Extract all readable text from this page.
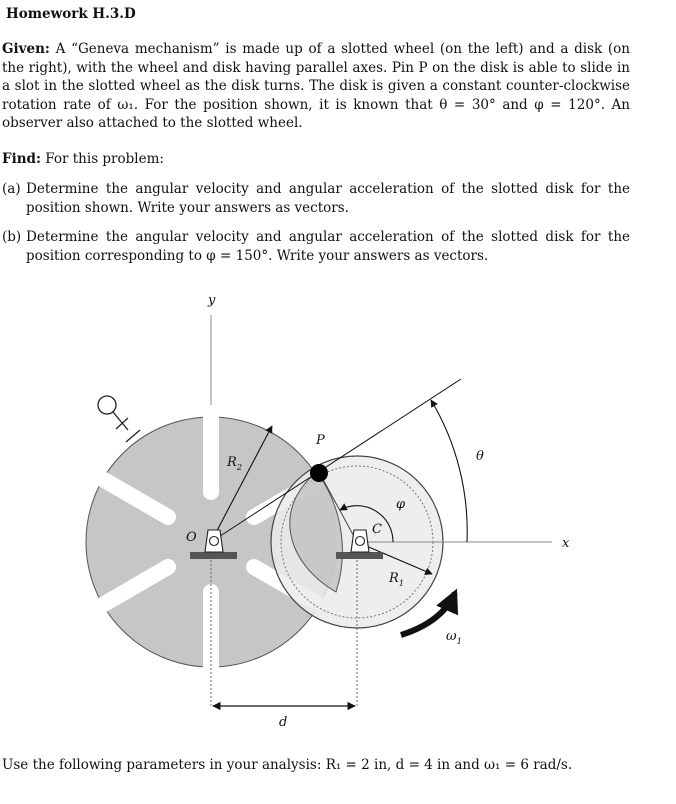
Homework H.3.D
Given: A “Geneva mechanism” is made up of a slotted wheel (on the left) and a disk (on the right), with the wheel and disk having parallel axes. Pin P on the disk is able to slide in a slot in the slotted wheel as the disk turns. The disk is given a constant counter-clockwise rotation rate of ω₁. For the position shown, it is known that θ = 30° and φ = 120°. An observer also attached to the slotted wheel.
Find: For this problem:
(a) Determine the angular velocity and angular acceleration of the slotted disk for the position shown. Write your answers as vectors.
(b) Determine the angular velocity and angular acceleration of the slotted disk for the position corresponding to φ = 150°. Write your answers as vectors.
y
x
O
C
P
$R_2$
$R_1$
θ
φ
$\omega_1$
d
Use the following parameters in your analysis: R₁ = 2 in, d = 4 in and ω₁ = 6 rad/s.
